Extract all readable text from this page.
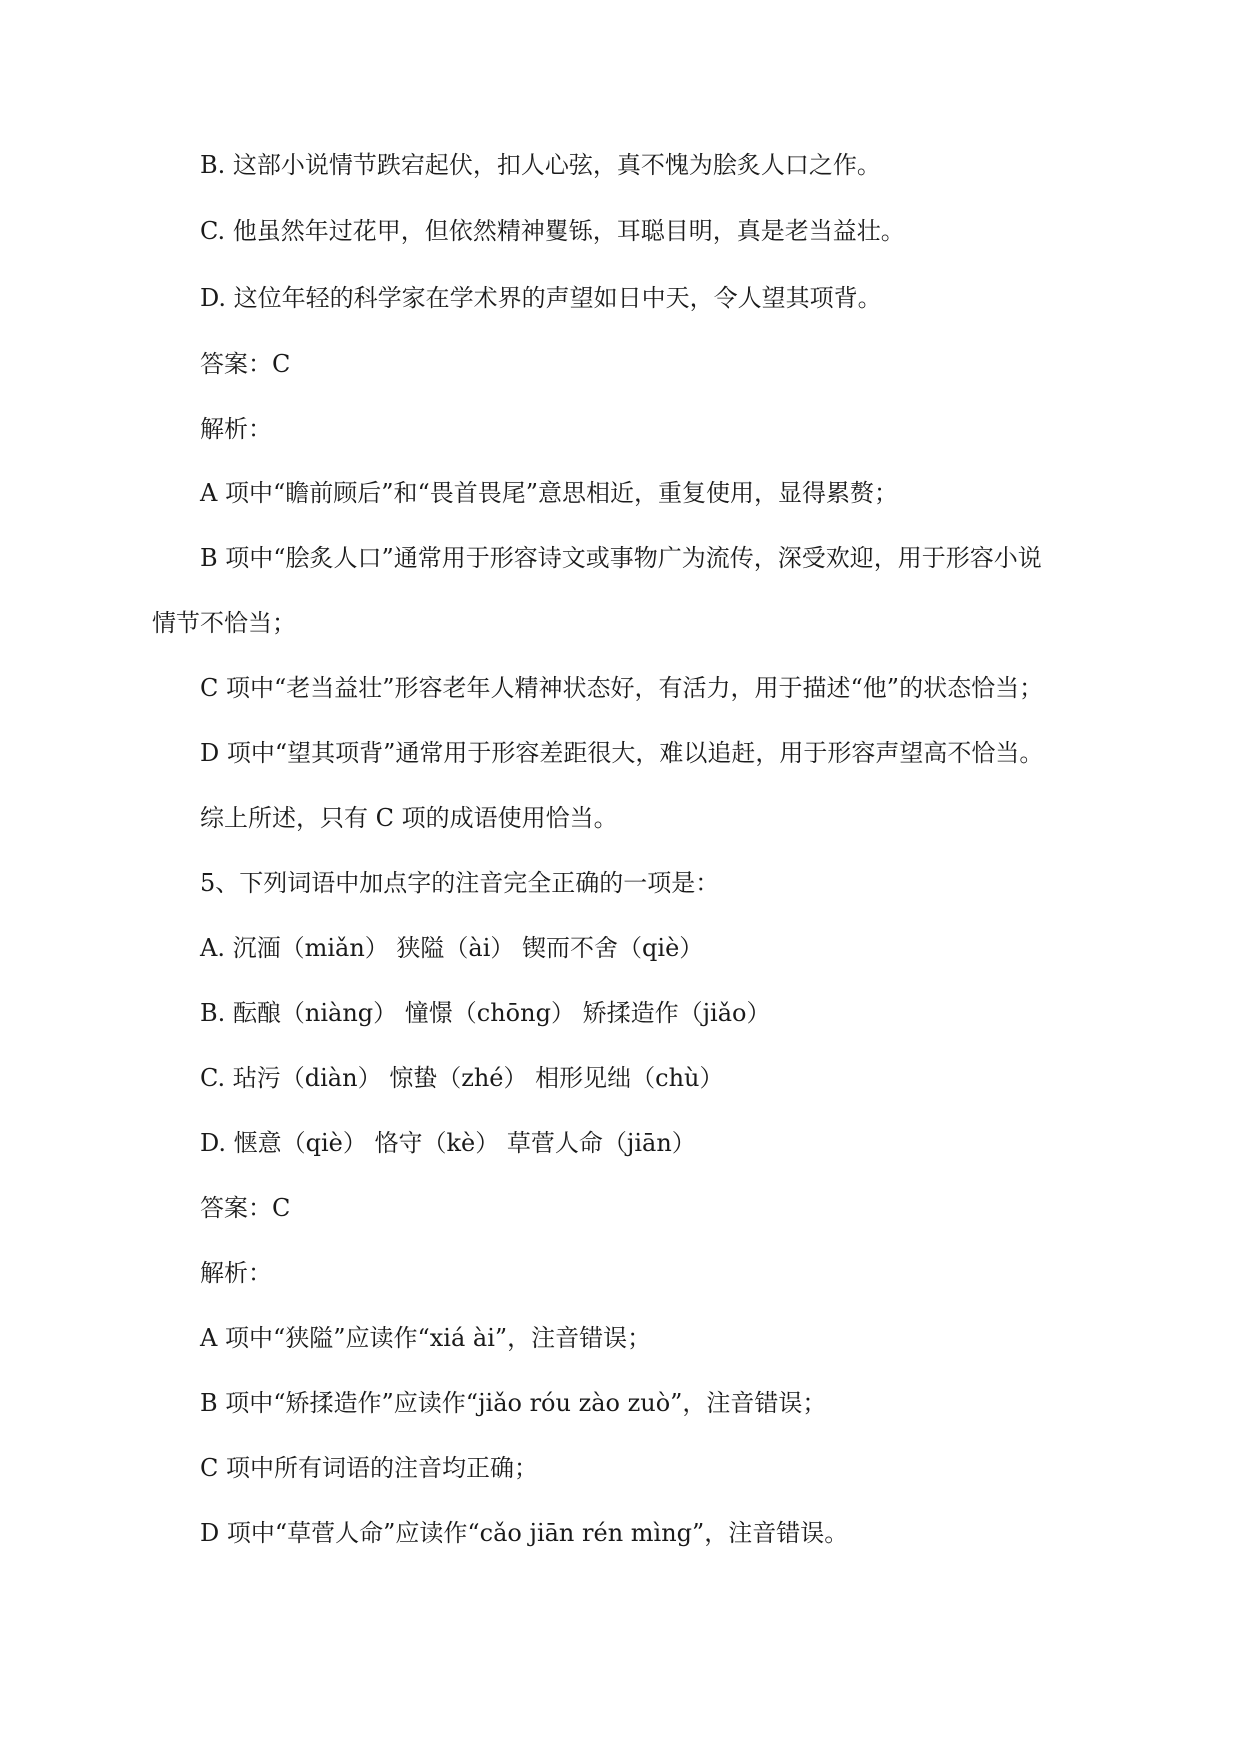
B. 这部小说情节跌宕起伏，扣人心弦，真不愧为脍炙人口之作。
C. 他虽然年过花甲，但依然精神矍铄，耳聪目明，真是老当益壮。
D. 这位年轻的科学家在学术界的声望如日中天，令人望其项背。
答案：C
解析：
A 项中“瞻前顾后”和“畏首畏尾”意思相近，重复使用，显得累赘；
B 项中“脍炙人口”通常用于形容诗文或事物广为流传，深受欢迎，用于形容小说
情节不恰当；
C 项中“老当益壮”形容老年人精神状态好，有活力，用于描述“他”的状态恰当；
D 项中“望其项背”通常用于形容差距很大，难以追赶，用于形容声望高不恰当。
综上所述，只有 C 项的成语使用恰当。
5、下列词语中加点字的注音完全正确的一项是：
A. 沉湎（miǎn） 狭隘（ài） 锲而不舍（qiè）
B. 酝酿（niàng） 憧憬（chōng） 矫揉造作（jiǎo）
C. 玷污（diàn） 惊蛰（zhé） 相形见绌（chù）
D. 惬意（qiè） 恪守（kè） 草菅人命（jiān）
答案：C
解析：
A 项中“狭隘”应读作“xiá ài”，注音错误；
B 项中“矫揉造作”应读作“jiǎo róu zào zuò”，注音错误；
C 项中所有词语的注音均正确；
D 项中“草菅人命”应读作“cǎo jiān rén mìng”，注音错误。
